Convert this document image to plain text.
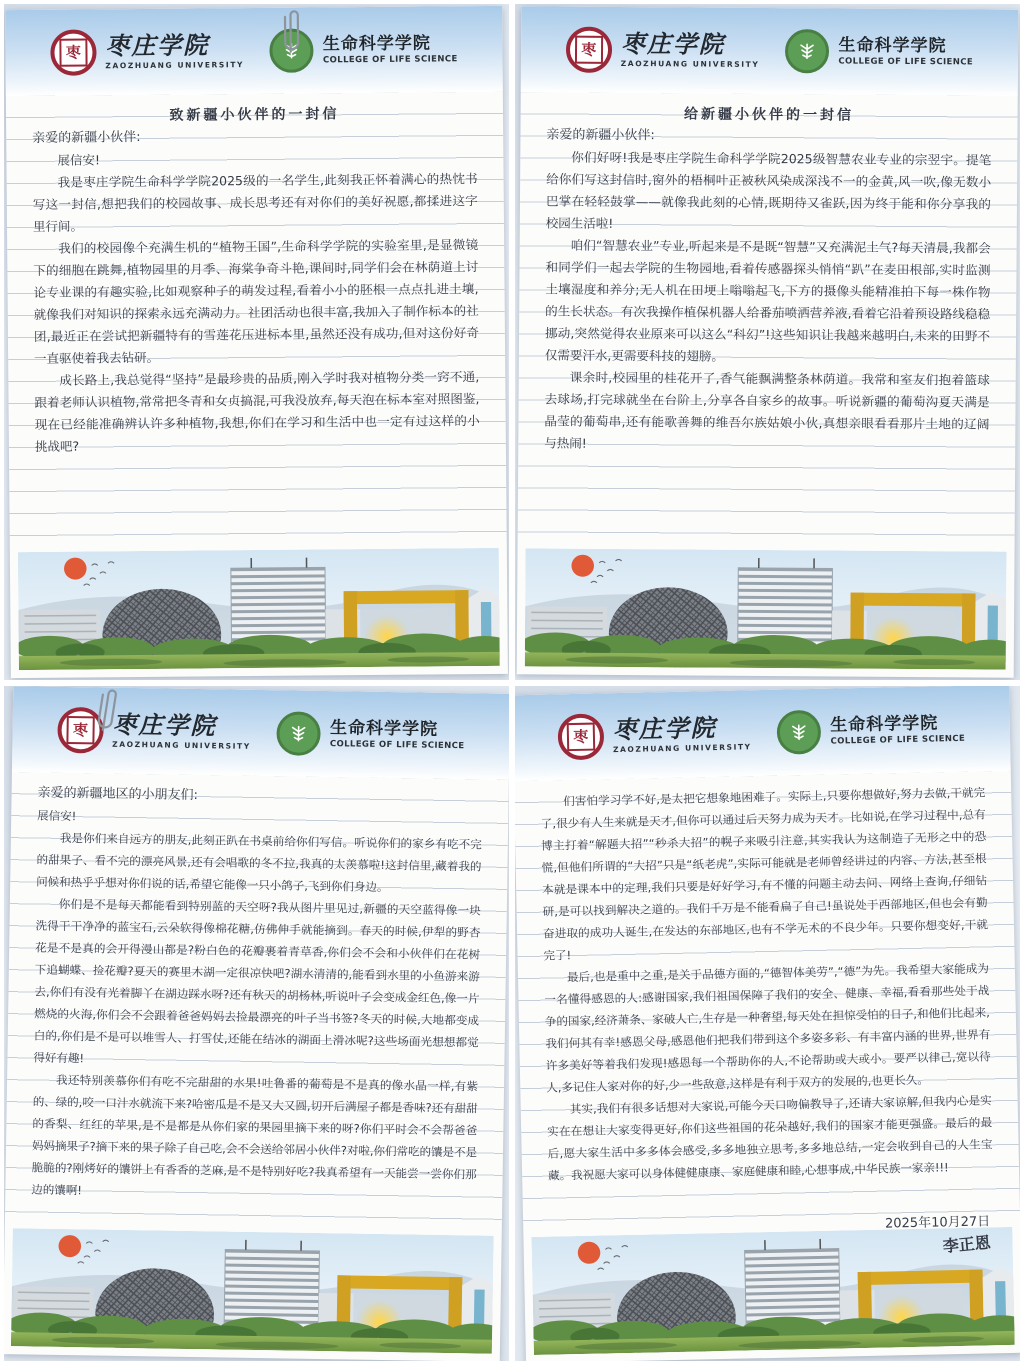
枣 枣庄学院
ZAOZHUANG UNIVERSITY
生命科学学院
COLLEGE OF LIFE SCIENCE
致新疆小伙伴的一封信
亲爱的新疆小伙伴:
展信安!

我是枣庄学院生命科学学院2025级的一名学生,此刻我正怀着满心的热忱书写这一封信,想把我们的校园故事、成长思考还有对你们的美好祝愿,都揉进这字里行间。

我们的校园像个充满生机的“植物王国”,生命科学学院的实验室里,是显微镜下的细胞在跳舞,植物园里的月季、海棠争奇斗艳,课间时,同学们会在林荫道上讨论专业课的有趣实验,比如观察种子的萌发过程,看着小小的胚根一点点扎进土壤,就像我们对知识的探索永远充满动力。社团活动也很丰富,我加入了制作标本的社团,最近正在尝试把新疆特有的雪莲花压进标本里,虽然还没有成功,但对这份好奇一直驱使着我去钻研。

成长路上,我总觉得“坚持”是最珍贵的品质,刚入学时我对植物分类一窍不通,跟着老师认识植物,常常把冬青和女贞搞混,可我没放弃,每天泡在标本室对照图鉴,现在已经能准确辨认许多种植物,我想,你们在学习和生活中也一定有过这样的小挑战吧?

枣 枣庄学院
ZAOZHUANG UNIVERSITY
生命科学学院
COLLEGE OF LIFE SCIENCE
给新疆小伙伴的一封信
亲爱的新疆小伙伴:

你们好呀!我是枣庄学院生命科学学院2025级智慧农业专业的宗翌宇。提笔给你们写这封信时,窗外的梧桐叶正被秋风染成深浅不一的金黄,风一吹,像无数小巴掌在轻轻鼓掌——就像我此刻的心情,既期待又雀跃,因为终于能和你分享我的校园生活啦!

咱们“智慧农业”专业,听起来是不是既“智慧”又充满泥土气?每天清晨,我都会和同学们一起去学院的生物园地,看着传感器探头悄悄“趴”在麦田根部,实时监测土壤湿度和养分;无人机在田埂上嗡嗡起飞,下方的摄像头能精准拍下每一株作物的生长状态。有次我操作植保机器人给番茄喷洒营养液,看着它沿着预设路线稳稳挪动,突然觉得农业原来可以这么“科幻”!这些知识让我越来越明白,未来的田野不仅需要汗水,更需要科技的翅膀。

课余时,校园里的桂花开了,香气能飘满整条林荫道。我常和室友们抱着篮球去球场,打完球就坐在台阶上,分享各自家乡的故事。听说新疆的葡萄沟夏天满是晶莹的葡萄串,还有能歌善舞的维吾尔族姑娘小伙,真想亲眼看看那片土地的辽阔与热闹!

枣 枣庄学院
ZAOZHUANG UNIVERSITY
生命科学学院
COLLEGE OF LIFE SCIENCE
亲爱的新疆地区的小朋友们:
展信安!

我是你们来自远方的朋友,此刻正趴在书桌前给你们写信。听说你们的家乡有吃不完的甜果子、看不完的漂亮风景,还有会唱歌的冬不拉,我真的太羡慕啦!这封信里,藏着我的问候和热乎乎想对你们说的话,希望它能像一只小鸽子,飞到你们身边。

你们是不是每天都能看到特别蓝的天空呀?我从图片里见过,新疆的天空蓝得像一块洗得干干净净的蓝宝石,云朵软得像棉花糖,仿佛伸手就能摘到。春天的时候,伊犁的野杏花是不是真的会开得漫山都是?粉白色的花瓣裹着青草香,你们会不会和小伙伴们在花树下追蝴蝶、捡花瓣?夏天的赛里木湖一定很凉快吧?湖水清清的,能看到水里的小鱼游来游去,你们有没有光着脚丫在湖边踩水呀?还有秋天的胡杨林,听说叶子会变成金红色,像一片燃烧的火海,你们会不会跟着爸爸妈妈去捡最漂亮的叶子当书签?冬天的时候,大地都变成白的,你们是不是可以堆雪人、打雪仗,还能在结冰的湖面上滑冰呢?这些场面光想想都觉得好有趣!

我还特别羡慕你们有吃不完甜甜的水果!吐鲁番的葡萄是不是真的像水晶一样,有紫的、绿的,咬一口汁水就流下来?哈密瓜是不是又大又圆,切开后满屋子都是香味?还有甜甜的香梨、红红的苹果,是不是都是从你们家的果园里摘下来的呀?你们平时会不会帮爸爸妈妈摘果子?摘下来的果子除了自己吃,会不会送给邻居小伙伴?对啦,你们常吃的馕是不是脆脆的?刚烤好的馕饼上有香香的芝麻,是不是特别好吃?我真希望有一天能尝一尝你们那边的馕啊!

枣 枣庄学院
ZAOZHUANG UNIVERSITY
生命科学学院
COLLEGE OF LIFE SCIENCE

们害怕学习学不好,是太把它想象地困难了。实际上,只要你想做好,努力去做,干就完了,很少有人生来就是天才,但你可以通过后天努力成为天才。比如说,在学习过程中,总有博主打着“解题大招”“秒杀大招”的幌子来吸引注意,其实我认为这制造了无形之中的恐慌,但他们所谓的“大招”只是“纸老虎”,实际可能就是老师曾经讲过的内容、方法,甚至根本就是课本中的定理,我们只要是好好学习,有不懂的问题主动去问、网络上查询,仔细钻研,是可以找到解决之道的。我们千万是不能看扁了自己!虽说处于西部地区,但也会有勤奋进取的成功人诞生,在发达的东部地区,也有不学无术的不良少年。只要你想变好,干就完了!

最后,也是重中之重,是关于品德方面的,“德智体美劳”,“德”为先。我希望大家能成为一名懂得感恩的人:感谢国家,我们祖国保障了我们的安全、健康、幸福,看看那些处于战争的国家,经济萧条、家破人亡,生存是一种奢望,每天处在担惊受怕的日子,和他们比起来,我们何其有幸!感恩父母,感恩他们把我们带到这个多姿多彩、有丰富内涵的世界,世界有许多美好等着我们发现!感恩每一个帮助你的人,不论帮助或大或小。要严以律己,宽以待人,多记住人家对你的好,少一些敌意,这样是有利于双方的发展的,也更长久。

其实,我们有很多话想对大家说,可能今天口吻偏教导了,还请大家谅解,但我内心是实实在在想让大家变得更好,你们这些祖国的花朵越好,我们的国家才能更强盛。最后的最后,愿大家生活中多多体会感受,多多地独立思考,多多地总结,一定会收到自己的人生宝藏。我祝愿大家可以身体健健康康、家庭健康和睦,心想事成,中华民族一家亲!!!

2025年10月27日
李正恩
